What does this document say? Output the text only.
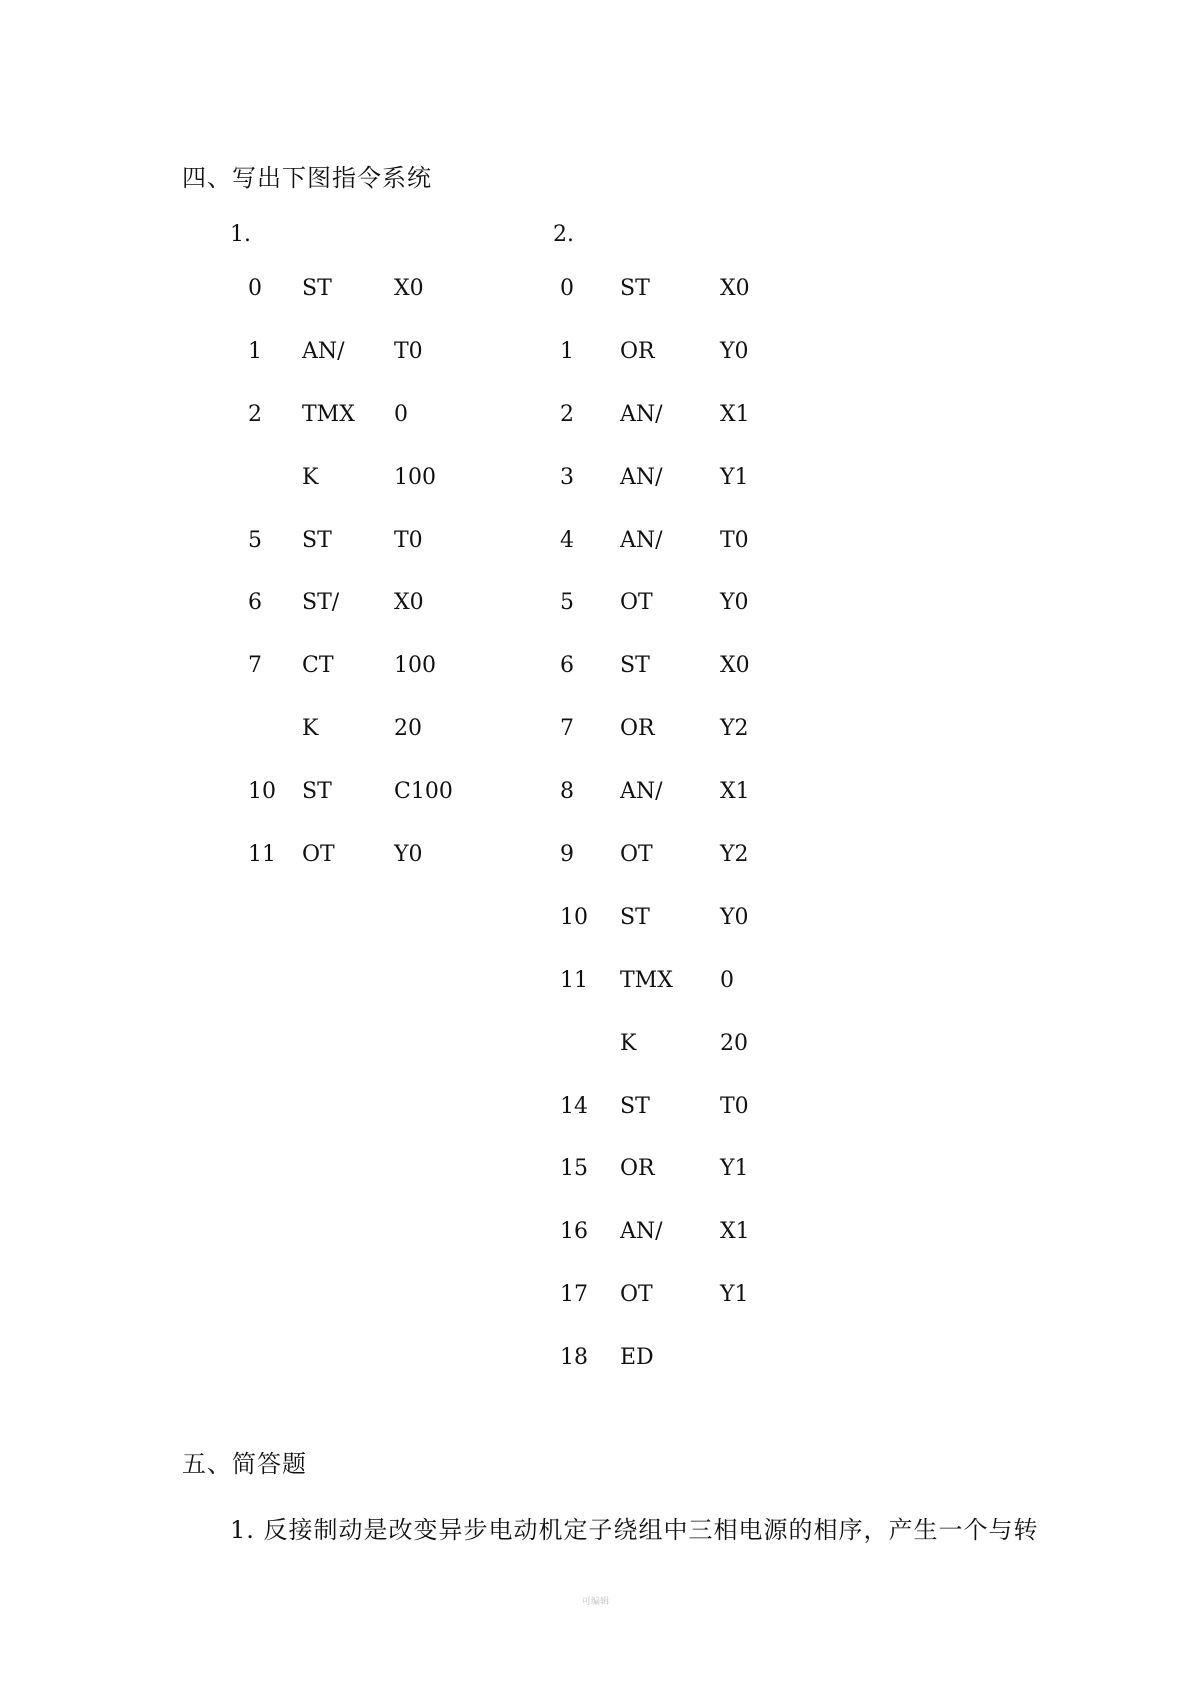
四、写出下图指令系统
1.	2.
0 ST	X0
1 AN/ T0
2 TMX 0
K	100
5 ST	T0
6 ST/ X0
7 CT	100
K	20
10 ST	C100
11 OT	Y0
0 ST	X0
1 OR	Y0
2 AN/	X1
3 AN/	Y1
4 AN/	T0
5 OT	Y0
6 ST	X0
7 OR	Y2
8 AN/	X1
9 OT	Y2
10 ST	Y0
11 TMX 0
K	20
14 ST	T0
15 OR	Y1
16 AN/	X1
17 OT	Y1
18 ED
五、简答题
1. 反接制动是改变异步电动机定子绕组中三相电源的相序，产生一个与转
可编辑
